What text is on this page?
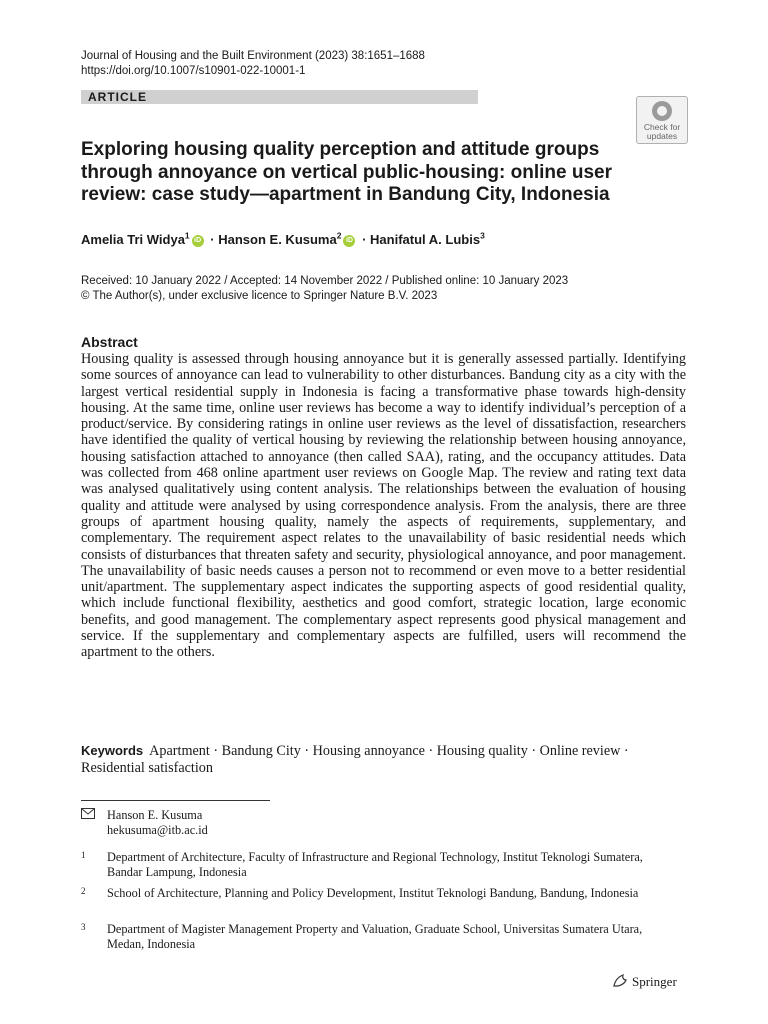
Journal of Housing and the Built Environment (2023) 38:1651–1688
https://doi.org/10.1007/s10901-022-10001-1
ARTICLE
Check for
updates
Exploring housing quality perception and attitude groups through annoyance on vertical public-housing: online user review: case study—apartment in Bandung City, Indonesia
Amelia Tri Widya$^1$ iD · Hanson E. Kusuma$^2$ iD · Hanifatul A. Lubis$^3$
Received: 10 January 2022 / Accepted: 14 November 2022 / Published online: 10 January 2023
© The Author(s), under exclusive licence to Springer Nature B.V. 2023
Abstract

Housing quality is assessed through housing annoyance but it is generally assessed partially. Identifying some sources of annoyance can lead to vulnerability to other disturbances. Bandung city as a city with the largest vertical residential supply in Indonesia is facing a transformative phase towards high-density housing. At the same time, online user reviews has become a way to identify individual’s perception of a product/service. By considering ratings in online user reviews as the level of dissatisfaction, researchers have identified the quality of vertical housing by reviewing the relationship between housing annoyance, housing satisfaction attached to annoyance (then called SAA), rating, and the occupancy attitudes. Data was collected from 468 online apartment user reviews on Google Map. The review and rating text data was analysed qualitatively using content analysis. The relationships between the evaluation of housing quality and attitude were analysed by using correspondence analysis. From the analysis, there are three groups of apartment housing quality, namely the aspects of requirements, supplementary, and complementary. The requirement aspect relates to the unavailability of basic residential needs which consists of disturbances that threaten safety and security, physiological annoyance, and poor management. The unavailability of basic needs causes a person not to recommend or even move to a better residential unit/apartment. The supplementary aspect indicates the supporting aspects of good residential quality, which include functional flexibility, aesthetics and good comfort, strategic location, large economic benefits, and good management. The complementary aspect represents good physical management and service. If the supplementary and complementary aspects are fulfilled, users will recommend the apartment to the others.

Keywords Apartment · Bandung City · Housing annoyance · Housing quality · Online review · Residential satisfaction
Hanson E. Kusuma
hekusuma@itb.ac.id
1 Department of Architecture, Faculty of Infrastructure and Regional Technology, Institut Teknologi Sumatera, Bandar Lampung, Indonesia
2 School of Architecture, Planning and Policy Development, Institut Teknologi Bandung, Bandung, Indonesia
3 Department of Magister Management Property and Valuation, Graduate School, Universitas Sumatera Utara, Medan, Indonesia
Springer
